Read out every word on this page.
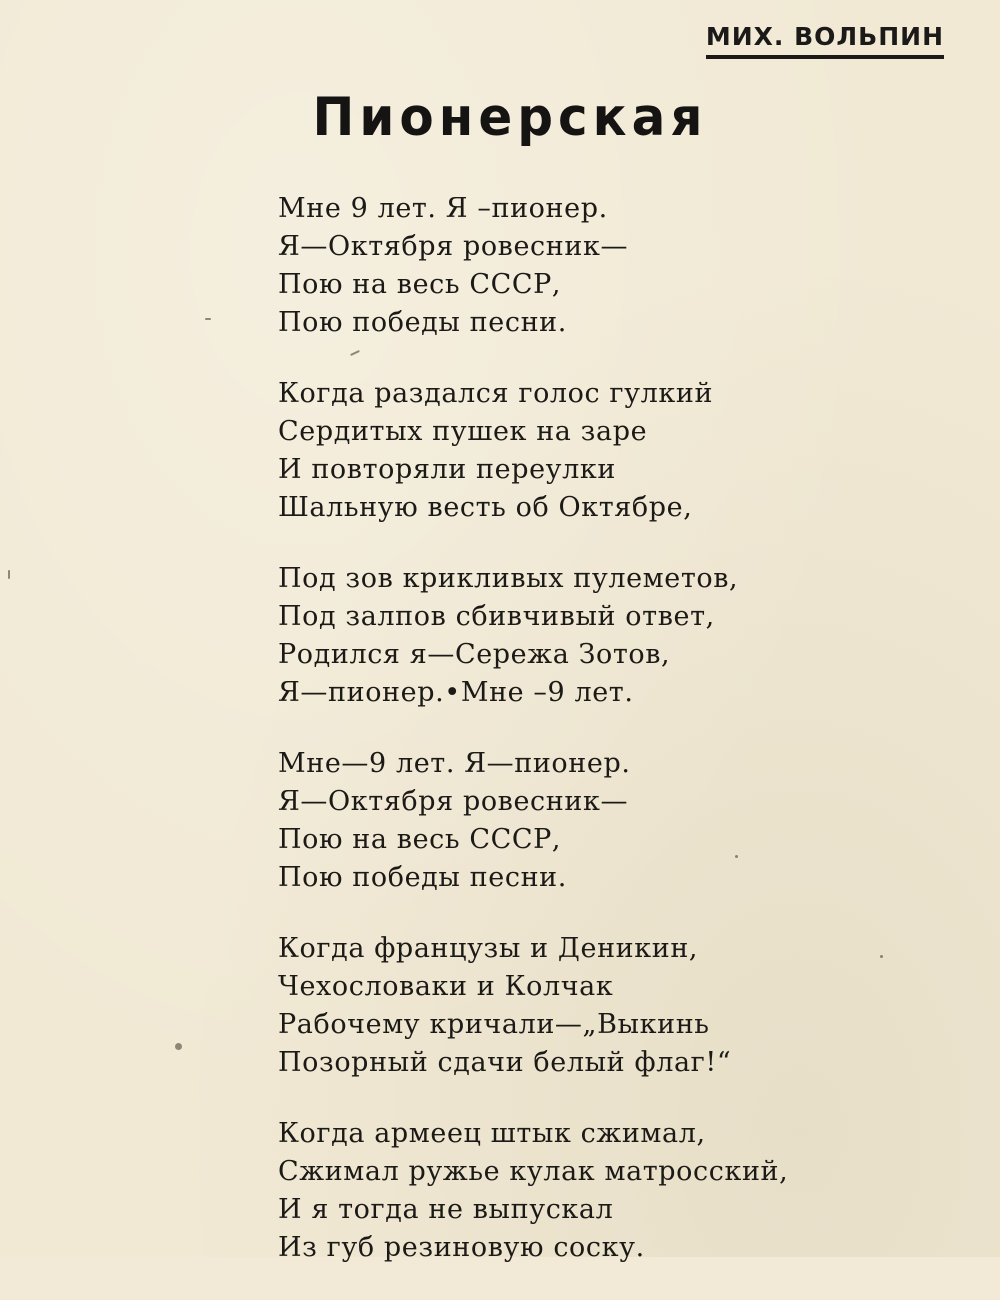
МИХ. ВОЛЬПИН
Пионерская
Мне 9 лет. Я –пионер.
Я—Октября ровесник—
Пою на весь СССР,
Пою победы песни.
Когда раздался голос гулкий
Сердитых пушек на заре
И повторяли переулки
Шальную весть об Октябре,
Под зов крикливых пулеметов,
Под залпов сбивчивый ответ,
Родился я—Сережа Зотов,
Я—пионер.•Мне –9 лет.
Мне—9 лет. Я—пионер.
Я—Октября ровесник—
Пою на весь СССР,
Пою победы песни.
Когда французы и Деникин,
Чехословаки и Колчак
Рабочему кричали—„Выкинь
Позорный сдачи белый флаг!“
Когда армеец штык сжимал,
Сжимал ружье кулак матросский,
И я тогда не выпускал
Из губ резиновую соску.
